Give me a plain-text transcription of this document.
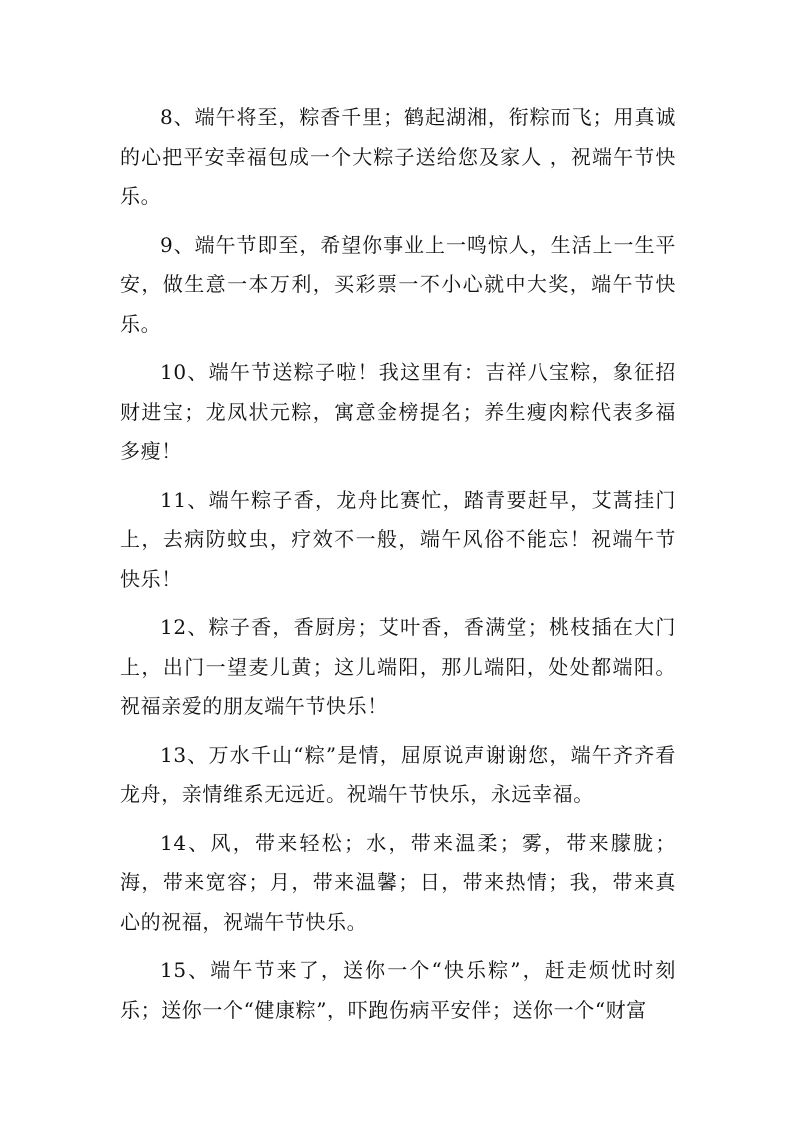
8、端午将至，粽香千里；鹤起湖湘，衔粽而飞；用真诚的心把平安幸福包成一个大粽子送给您及家人 ，祝端午节快乐。

9、端午节即至，希望你事业上一鸣惊人，生活上一生平安，做生意一本万利，买彩票一不小心就中大奖，端午节快乐。

10、端午节送粽子啦！我这里有：吉祥八宝粽，象征招财进宝；龙凤状元粽，寓意金榜提名；养生瘦肉粽代表多福多瘦！

11、端午粽子香，龙舟比赛忙，踏青要赶早，艾蒿挂门上，去病防蚊虫，疗效不一般，端午风俗不能忘！祝端午节快乐！

12、粽子香，香厨房；艾叶香，香满堂；桃枝插在大门上，出门一望麦儿黄；这儿端阳，那儿端阳，处处都端阳。祝福亲爱的朋友端午节快乐！

13、万水千山“粽”是情，屈原说声谢谢您，端午齐齐看龙舟，亲情维系无远近。祝端午节快乐，永远幸福。

14、风，带来轻松；水，带来温柔；雾，带来朦胧；海，带来宽容；月，带来温馨；日，带来热情；我，带来真心的祝福，祝端午节快乐。

15、端午节来了，送你一个“快乐粽”，赶走烦忧时刻乐；送你一个“健康粽”，吓跑伤病平安伴；送你一个“财富
